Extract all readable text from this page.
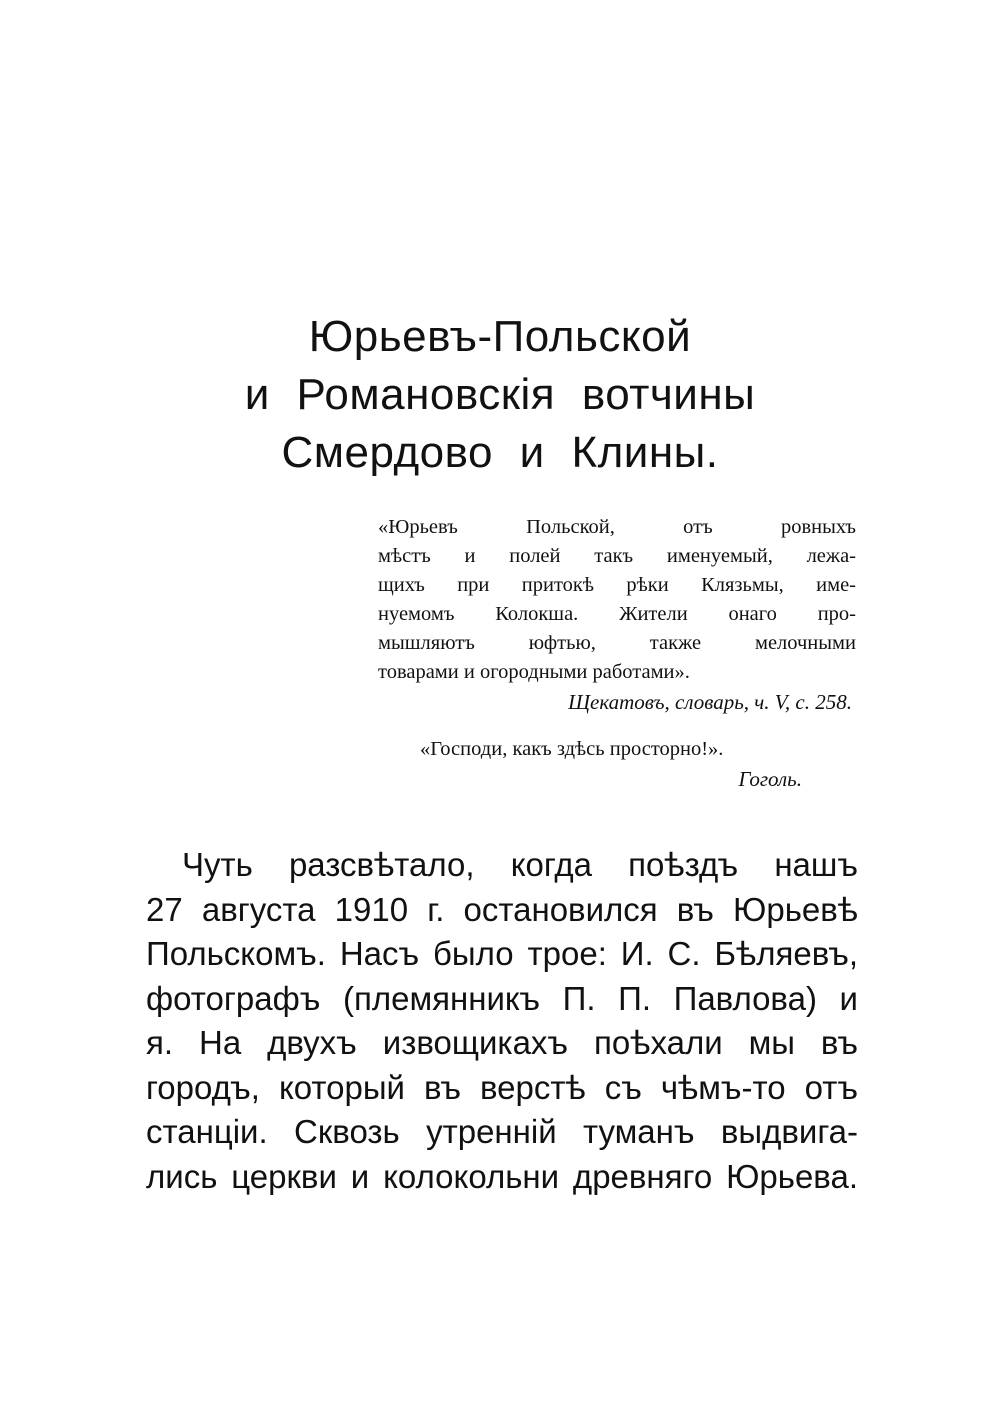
Юрьевъ-Польской
и Романовскія вотчины
Смердово и Клины.

«Юрьевъ Польской, отъ ровныхъ
мѣстъ и полей такъ именуемый, лежа-
щихъ при притокѣ рѣки Клязьмы, име-
нуемомъ Колокша. Жители онаго про-
мышляютъ юфтью, также мелочными
товарами и огородными работами».

Щекатовъ, словарь, ч. V, с. 258.

«Господи, какъ здѣсь просторно!».

Гоголь.

Чуть разсвѣтало, когда поѣздъ нашъ
27 августа 1910 г. остановился въ Юрьевѣ
Польскомъ. Насъ было трое: И. С. Бѣляевъ,
фотографъ (племянникъ П. П. Павлова) и
я. На двухъ извощикахъ поѣхали мы въ
городъ, который въ верстѣ съ чѣмъ-то отъ
станціи. Сквозь утренній туманъ выдвига-
лись церкви и колокольни древняго Юрьева.
